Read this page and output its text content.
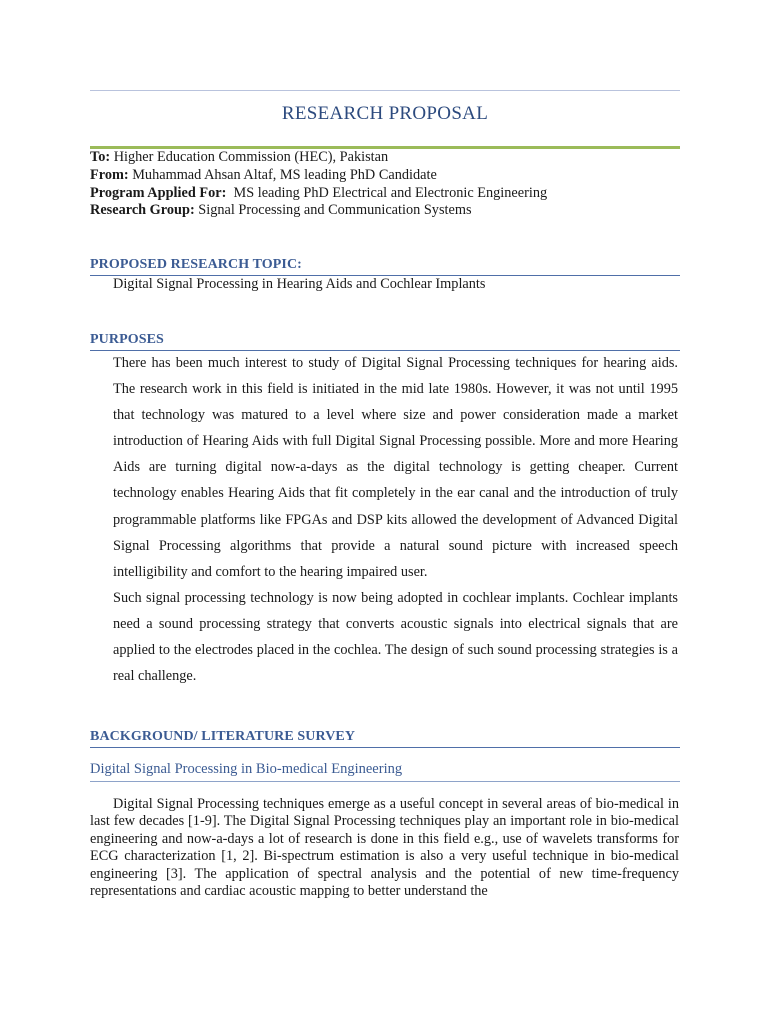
RESEARCH PROPOSAL
To: Higher Education Commission (HEC), Pakistan
From: Muhammad Ahsan Altaf, MS leading PhD Candidate
Program Applied For:  MS leading PhD Electrical and Electronic Engineering
Research Group: Signal Processing and Communication Systems
PROPOSED RESEARCH TOPIC:
Digital Signal Processing in Hearing Aids and Cochlear Implants
PURPOSES

There has been much interest to study of Digital Signal Processing techniques for hearing aids. The research work in this field is initiated in the mid late 1980s. However, it was not until 1995 that technology was matured to a level where size and power consideration made a market introduction of Hearing Aids with full Digital Signal Processing possible. More and more Hearing Aids are turning digital now-a-days as the digital technology is getting cheaper. Current technology enables Hearing Aids that fit completely in the ear canal and the introduction of truly programmable platforms like FPGAs and DSP kits allowed the development of Advanced Digital Signal Processing algorithms that provide a natural sound picture with increased speech intelligibility and comfort to the hearing impaired user.

Such signal processing technology is now being adopted in cochlear implants. Cochlear implants need a sound processing strategy that converts acoustic signals into electrical signals that are applied to the electrodes placed in the cochlea. The design of such sound processing strategies is a real challenge.

BACKGROUND/ LITERATURE SURVEY
Digital Signal Processing in Bio-medical Engineering

Digital Signal Processing techniques emerge as a useful concept in several areas of bio-medical in last few decades [1-9]. The Digital Signal Processing techniques play an important role in bio-medical engineering and now-a-days a lot of research is done in this field e.g., use of wavelets transforms for ECG characterization [1, 2]. Bi-spectrum estimation is also a very useful technique in bio-medical engineering [3]. The application of spectral analysis and the potential of new time-frequency representations and cardiac acoustic mapping to better understand the
